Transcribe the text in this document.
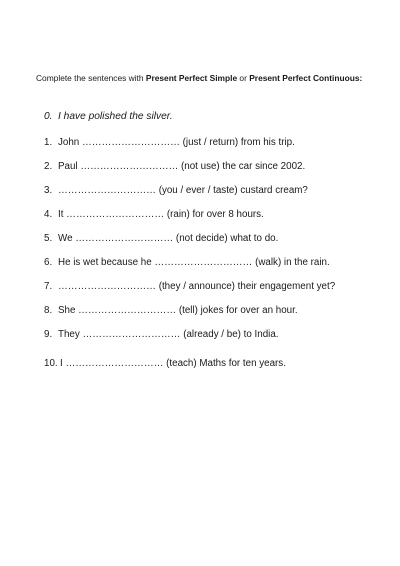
Complete the sentences with Present Perfect Simple or Present Perfect Continuous:
0. I have polished the silver.
1. John ………………………… (just / return) from his trip.
2. Paul ………………………… (not use) the car since 2002.
3. ………………………… (you / ever / taste) custard cream?
4. It ………………………… (rain) for over 8 hours.
5. We ………………………… (not decide) what to do.
6. He is wet because he ………………………… (walk) in the rain.
7. ………………………… (they / announce) their engagement yet?
8. She ………………………… (tell) jokes for over an hour.
9. They ………………………… (already / be) to India.
10. I ………………………… (teach) Maths for ten years.
